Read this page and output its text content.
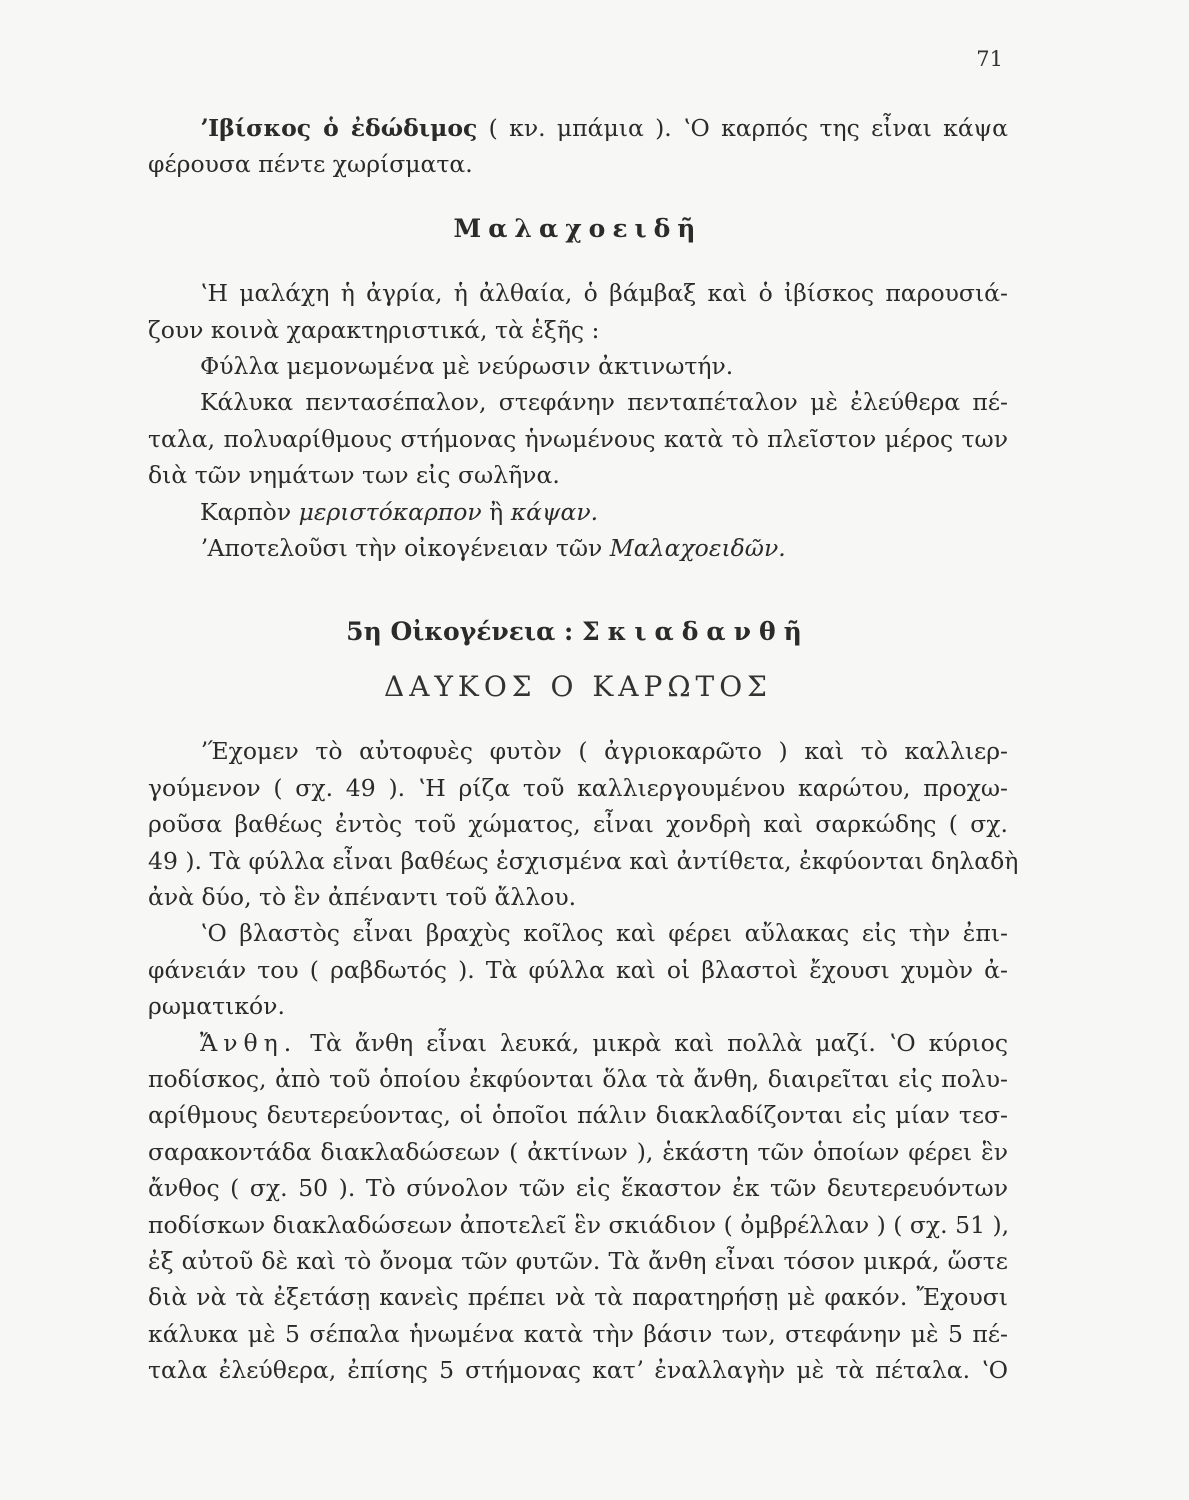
71
ʼΙβίσκος ὁ ἐδώδιμος ( κν. μπάμια ). ʽΟ καρπός της εἶναι κάψα
φέρουσα πέντε χωρίσματα.
Μαλαχοειδῆ
ʽΗ μαλάχη ἡ ἀγρία, ἡ ἀλθαία, ὁ βάμβαξ καὶ ὁ ἰβίσκος παρουσιά-
ζουν κοινὰ χαρακτηριστικά, τὰ ἑξῆς :
Φύλλα μεμονωμένα μὲ νεύρωσιν ἀκτινωτήν.
Κάλυκα πεντασέπαλον, στεφάνην πενταπέταλον μὲ ἐλεύθερα πέ-
ταλα, πολυαρίθμους στήμονας ἡνωμένους κατὰ τὸ πλεῖστον μέρος των
διὰ τῶν νημάτων των εἰς σωλῆνα.
Καρπὸν μεριστόκαρπον ἢ κάψαν.
ʼΑποτελοῦσι τὴν οἰκογένειαν τῶν Μαλαχοειδῶν.
5η Οἰκογένεια : Σκιαδανθῆ
ΔΑΥΚΟΣ Ο ΚΑΡΩΤΟΣ
ʼΈχομεν τὸ αὐτοφυὲς φυτὸν ( ἀγριοκαρῶτο ) καὶ τὸ καλλιερ-
γούμενον ( σχ. 49 ). ʽΗ ρίζα τοῦ καλλιεργουμένου καρώτου, προχω-
ροῦσα βαθέως ἐντὸς τοῦ χώματος, εἶναι χονδρὴ καὶ σαρκώδης ( σχ.
49 ). Τὰ φύλλα εἶναι βαθέως ἐσχισμένα καὶ ἀντίθετα, ἐκφύονται δηλαδὴ
ἀνὰ δύο, τὸ ἓν ἀπέναντι τοῦ ἄλλου.
ʽΟ βλαστὸς εἶναι βραχὺς κοῖλος καὶ φέρει αὔλακας εἰς τὴν ἐπι-
φάνειάν του ( ραβδωτός ). Τὰ φύλλα καὶ οἱ βλαστοὶ ἔχουσι χυμὸν ἀ-
ρωματικόν.
Ἄνθη. Τὰ ἄνθη εἶναι λευκά, μικρὰ καὶ πολλὰ μαζί. ʽΟ κύριος
ποδίσκος, ἀπὸ τοῦ ὁποίου ἐκφύονται ὅλα τὰ ἄνθη, διαιρεῖται εἰς πολυ-
αρίθμους δευτερεύοντας, οἱ ὁποῖοι πάλιν διακλαδίζονται εἰς μίαν τεσ-
σαρακοντάδα διακλαδώσεων ( ἀκτίνων ), ἑκάστη τῶν ὁποίων φέρει ἓν
ἄνθος ( σχ. 50 ). Τὸ σύνολον τῶν εἰς ἕκαστον ἐκ τῶν δευτερευόντων
ποδίσκων διακλαδώσεων ἀποτελεῖ ἓν σκιάδιον ( ὀμβρέλλαν ) ( σχ. 51 ),
ἐξ αὐτοῦ δὲ καὶ τὸ ὄνομα τῶν φυτῶν. Τὰ ἄνθη εἶναι τόσον μικρά, ὥστε
διὰ νὰ τὰ ἐξετάσῃ κανεὶς πρέπει νὰ τὰ παρατηρήσῃ μὲ φακόν. Ἔχουσι
κάλυκα μὲ 5 σέπαλα ἡνωμένα κατὰ τὴν βάσιν των, στεφάνην μὲ 5 πέ-
ταλα ἐλεύθερα, ἐπίσης 5 στήμονας κατʼ ἐναλλαγὴν μὲ τὰ πέταλα. ʽΟ
